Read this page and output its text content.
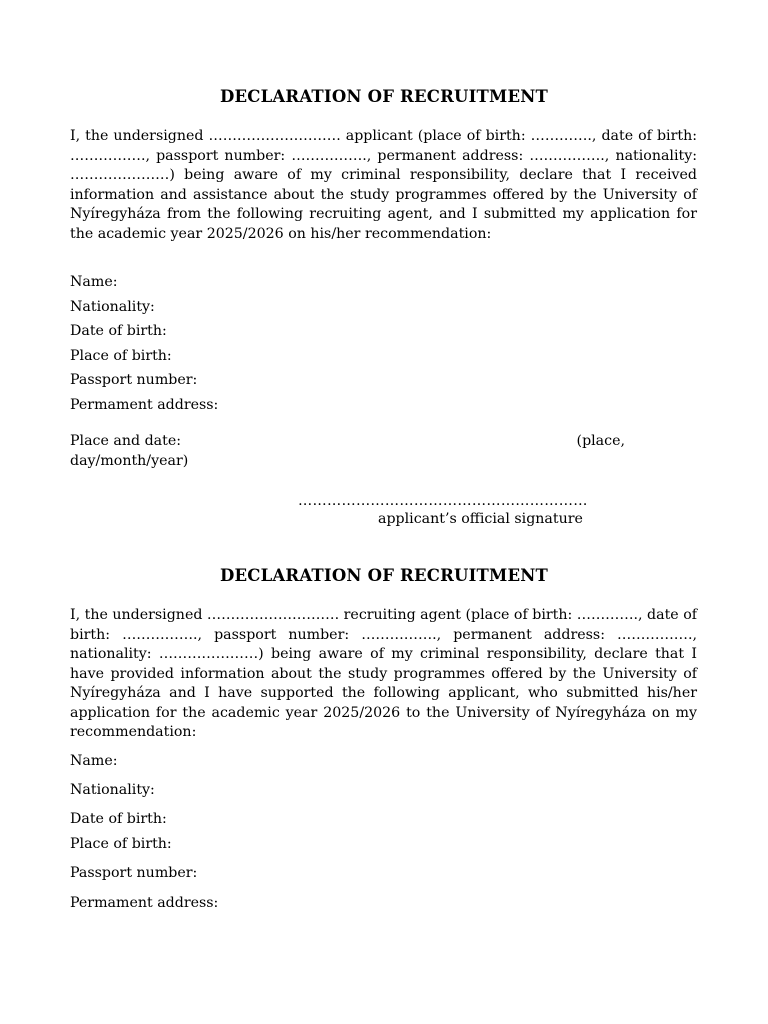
DECLARATION OF RECRUITMENT

I, the undersigned ………………………. applicant (place of birth: …………., date of birth: ……………., passport number: ……………., permanent address: ……………., nationality: …………………) being aware of my criminal responsibility, declare that I received information and assistance about the study programmes offered by the University of Nyíregyháza from the following recruiting agent, and I submitted my application for the academic year 2025/2026 on his/her recommendation:

Name:
Nationality:
Date of birth:
Place of birth:
Passport number:
Permament address:
Place and date:	(place,
day/month/year)
……………………………………………………
applicant’s official signature
DECLARATION OF RECRUITMENT

I, the undersigned ………………………. recruiting agent (place of birth: …………., date of birth: ……………., passport number: ……………., permanent address: ……………., nationality: …………………) being aware of my criminal responsibility, declare that I have provided information about the study programmes offered by the University of Nyíregyháza and I have supported the following applicant, who submitted his/her application for the academic year 2025/2026 to the University of Nyíregyháza on my recommendation:

Name:
Nationality:
Date of birth:
Place of birth:
Passport number:
Permament address:
